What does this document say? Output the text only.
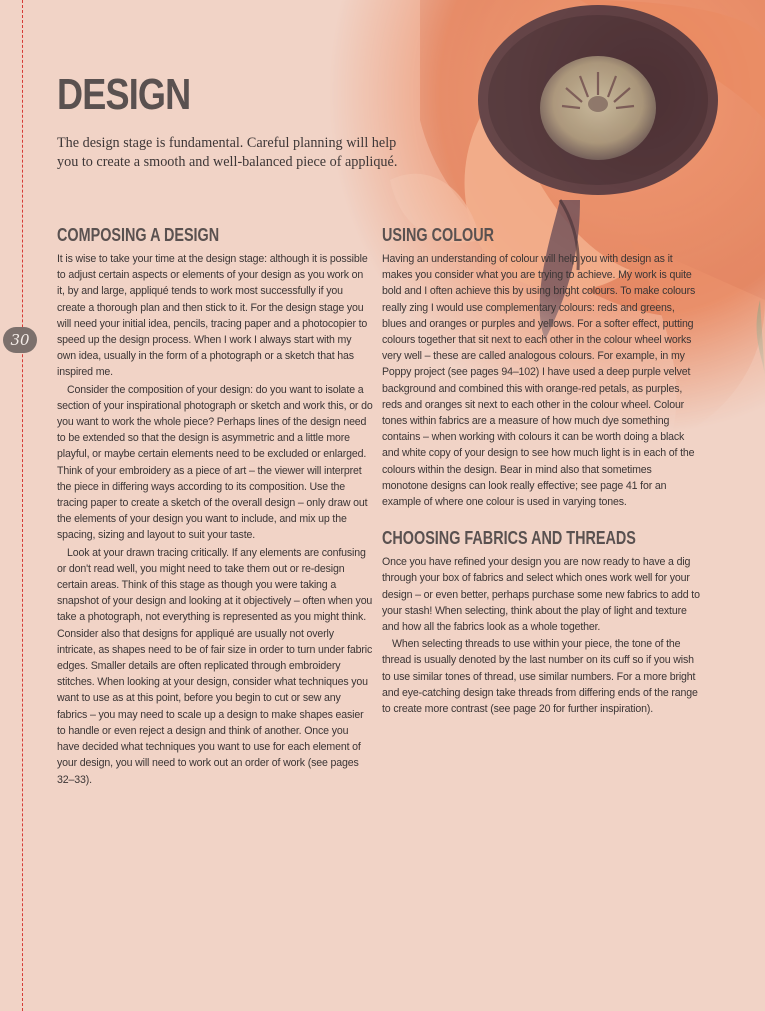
30
DESIGN

The design stage is fundamental. Careful planning will help you to create a smooth and well-balanced piece of appliqué.

COMPOSING A DESIGN

It is wise to take your time at the design stage: although it is possible to adjust certain aspects or elements of your design as you work on it, by and large, appliqué tends to work most successfully if you create a thorough plan and then stick to it. For the design stage you will need your initial idea, pencils, tracing paper and a photocopier to speed up the design process. When I work I always start with my own idea, usually in the form of a photograph or a sketch that has inspired me.

Consider the composition of your design: do you want to isolate a section of your inspirational photograph or sketch and work this, or do you want to work the whole piece? Perhaps lines of the design need to be extended so that the design is asymmetric and a little more playful, or maybe certain elements need to be excluded or enlarged. Think of your embroidery as a piece of art – the viewer will interpret the piece in differing ways according to its composition. Use the tracing paper to create a sketch of the overall design – only draw out the elements of your design you want to include, and mix up the spacing, sizing and layout to suit your taste.

Look at your drawn tracing critically. If any elements are confusing or don't read well, you might need to take them out or re-design certain areas. Think of this stage as though you were taking a snapshot of your design and looking at it objectively – often when you take a photograph, not everything is represented as you might think. Consider also that designs for appliqué are usually not overly intricate, as shapes need to be of fair size in order to turn under fabric edges. Smaller details are often replicated through embroidery stitches. When looking at your design, consider what techniques you want to use as at this point, before you begin to cut or sew any fabrics – you may need to scale up a design to make shapes easier to handle or even reject a design and think of another. Once you have decided what techniques you want to use for each element of your design, you will need to work out an order of work (see pages 32–33).

USING COLOUR

Having an understanding of colour will help you with design as it makes you consider what you are trying to achieve. My work is quite bold and I often achieve this by using bright colours. To make colours really zing I would use complementary colours: reds and greens, blues and oranges or purples and yellows. For a softer effect, putting colours together that sit next to each other in the colour wheel works very well – these are called analogous colours. For example, in my Poppy project (see pages 94–102) I have used a deep purple velvet background and combined this with orange-red petals, as purples, reds and oranges sit next to each other in the colour wheel. Colour tones within fabrics are a measure of how much dye something contains – when working with colours it can be worth doing a black and white copy of your design to see how much light is in each of the colours within the design. Bear in mind also that sometimes monotone designs can look really effective; see page 41 for an example of where one colour is used in varying tones.

CHOOSING FABRICS AND THREADS

Once you have refined your design you are now ready to have a dig through your box of fabrics and select which ones work well for your design – or even better, perhaps purchase some new fabrics to add to your stash! When selecting, think about the play of light and texture and how all the fabrics look as a whole together.

When selecting threads to use within your piece, the tone of the thread is usually denoted by the last number on its cuff so if you wish to use similar tones of thread, use similar numbers. For a more bright and eye-catching design take threads from differing ends of the range to create more contrast (see page 20 for further inspiration).
